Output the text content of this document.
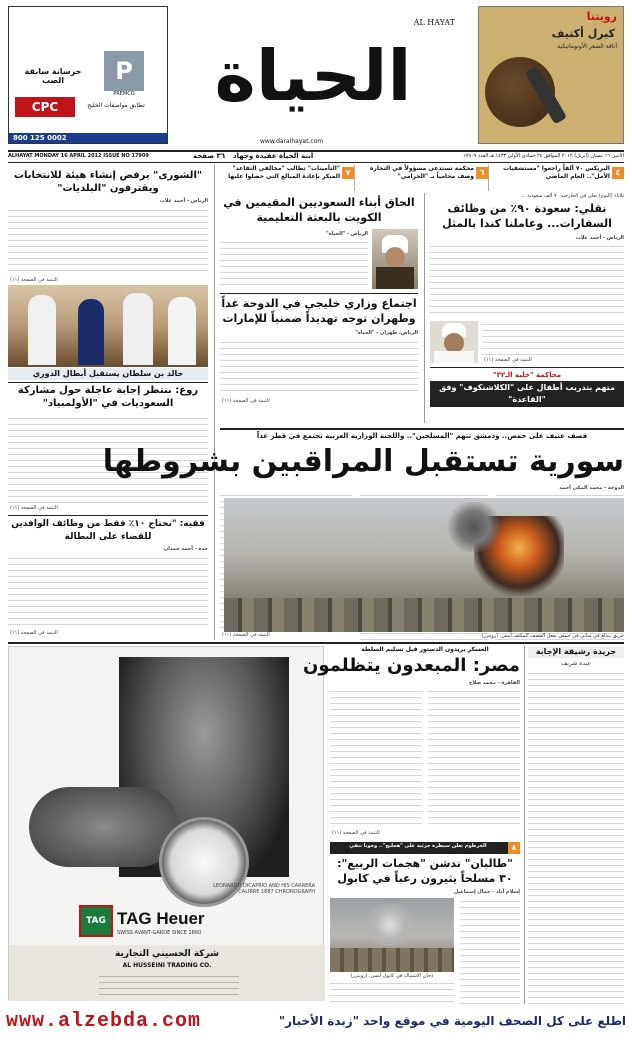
خرسانة سابقة الصب	P
PREMCO
CPC	تطابق مواصفات الخليج
800 125 0002
AL HAYAT
الحياة
www.daralhayat.com
رويتنا
كيرل أكتيف
أناقة الشعر الأوتوماتيكية
ALHAYAT MONDAY 16 APRIL 2012 ISSUE NO 17909	٣٦ صفحة ابنة الحياة عقيدة وجهاد	الاثنين ١٦ نيسان (ابريل) ٢٠١٢ الموافق ٢٤ جمادى الأولى ١٤٣٣ هـ العدد ١٧٩٠٩
"التأمينات" تطالب "مخالفي التقاعد" المبكر بإعادة المبالغ التي حصلوا عليها ٧	محكمة تستدعي مسؤولاً في التجارة وصف محامياً بـ "الحرامي" ٦	البريكس ٧٠ ألفاً راجعوا "مستشفيات الأمل".. العام الماضي ٤
"الشورى" يرفض إنشاء هيئة للانتخابات ويقترفون "البلديات"
الرياض - أحمد غلاب
التتمة في الصفحة (١١)
خالد بن سلطان يستقبل أبطال الدوري
روغ: ننتظر إجابة عاجلة حول مشاركة السعوديات في "الأولمبياد"
التتمة في الصفحة (١١)
فقيه: "نحتاج ١٠٪ فقط من وظائف الوافدين للقضاء على البطالة
جدة - أحمد حمدان
التتمة في الصفحة (١١)
الحاق أبناء السعوديين المقيمين في الكويت بالبعثة التعليمية
الرياض - "الحياة"
اجتماع وزاري خليجي في الدوحة غداً وطهران توجه تهديداً ضمنياً للإمارات
الرياض، طهران - "الحياة"
التتمة في الصفحة (١١)
ثلاثاء (اليوم) تعلن في الخارجية ٧٠ ألف سعودية ...
نقلي: سعودة ٩٠٪ من وظائف السفارات... وعاملنا كندا بالمثل
الرياض - أحمد غلاب
التتمة في الصفحة (١١)
محاكمة "خلية الـ٣٢"
متهم بتدريب أطفال على "الكلاشنكوف" وفق "القاعدة"
قصف عنيف على حمص.. ودمشق تتهم "المسلحين".. واللجنة الوزارية العربية تجتمع في قطر غداً
سورية تستقبل المراقبين بشروطها
الدوحة - محمد المكي أحمد
التتمة في الصفحة (١١)	حريق يندلع في مباني في حمص بفعل القصف المكثف أمس. (رويترز)
LEONARDO DICAPRIO AND HIS CARRERA CALIBRE 1887 CHRONOGRAPH
TAG TAG Heuer
SWISS AVANT-GARDE SINCE 1860
شركة الحسيني التجارية
AL HUSSEINI TRADING CO.
العسكر يريدون الدستور قبل تسليم السلطة
مصر: المبعدون يتظلمون
القاهرة - محمد صلاح
التتمة في الصفحة (١١)
الخرطوم تعلن سيطرة جزئية على "هجليج".. وجوبا تنفي	٨
"طالبان" تدشن "هجمات الربيع": ٣٠ مسلحاً يثيرون رعباً في كابول
إسلام آباد - جمال إسماعيل
دخان الاشتباك في كابول أمس. (رويترز)
جريدة رشيقة الإجابة
عبده شريف
www.alzebda.com	اطلع على كل الصحف اليومية في موقع واحد "زبدة الأخبار"
